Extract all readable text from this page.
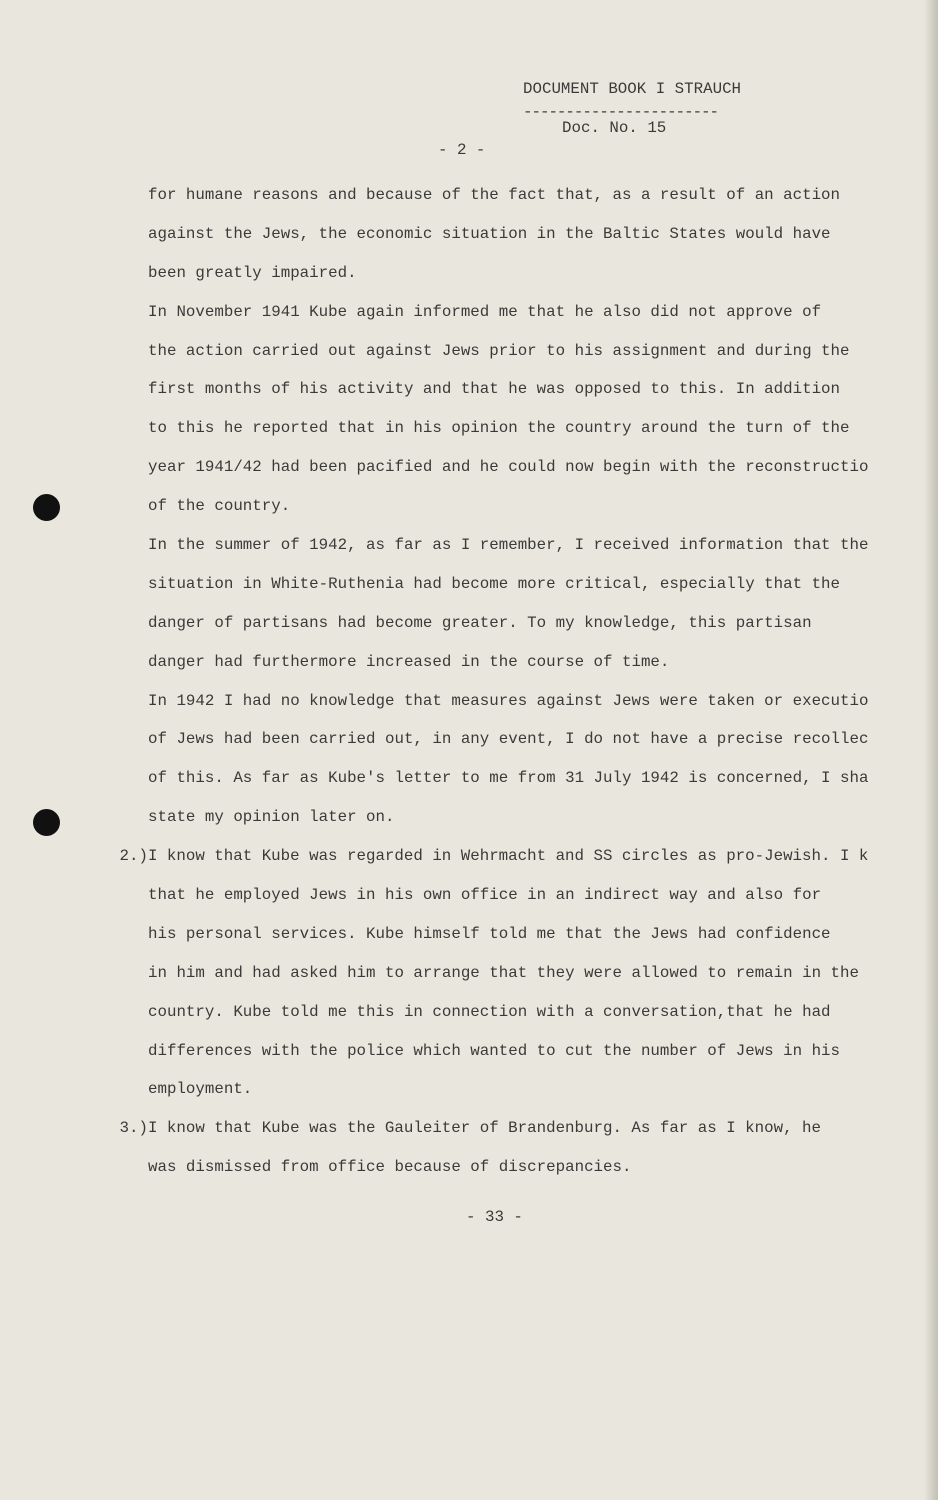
DOCUMENT BOOK I STRAUCH
-----------------------
Doc. No. 15
- 2 -
for humane reasons and because of the fact that, as a result of an action
against the Jews, the economic situation in the Baltic States would have
been greatly impaired.
In November 1941 Kube again informed me that he also did not approve of
the action carried out against Jews prior to his assignment and during the
first months of his activity and that he was opposed to this. In addition
to this he reported that in his opinion the country around the turn of the
year 1941/42 had been pacified and he could now begin with the reconstructio
of the country.
In the summer of 1942, as far as I remember, I received information that the
situation in White-Ruthenia had become more critical, especially that the
danger of partisans had become greater. To my knowledge, this partisan
danger had furthermore increased in the course of time.
In 1942 I had no knowledge that measures against Jews were taken or executio
of Jews had been carried out, in any event, I do not have a precise recollec
of this. As far as Kube's letter to me from 31 July 1942 is concerned, I sha
state my opinion later on.
2.)I know that Kube was regarded in Wehrmacht and SS circles as pro-Jewish. I k
that he employed Jews in his own office in an indirect way and also for
his personal services. Kube himself told me that the Jews had confidence
in him and had asked him to arrange that they were allowed to remain in the
country. Kube told me this in connection with a conversation,that he had
differences with the police which wanted to cut the number of Jews in his
employment.
3.)I know that Kube was the Gauleiter of Brandenburg. As far as I know, he
was dismissed from office because of discrepancies.
- 33 -
